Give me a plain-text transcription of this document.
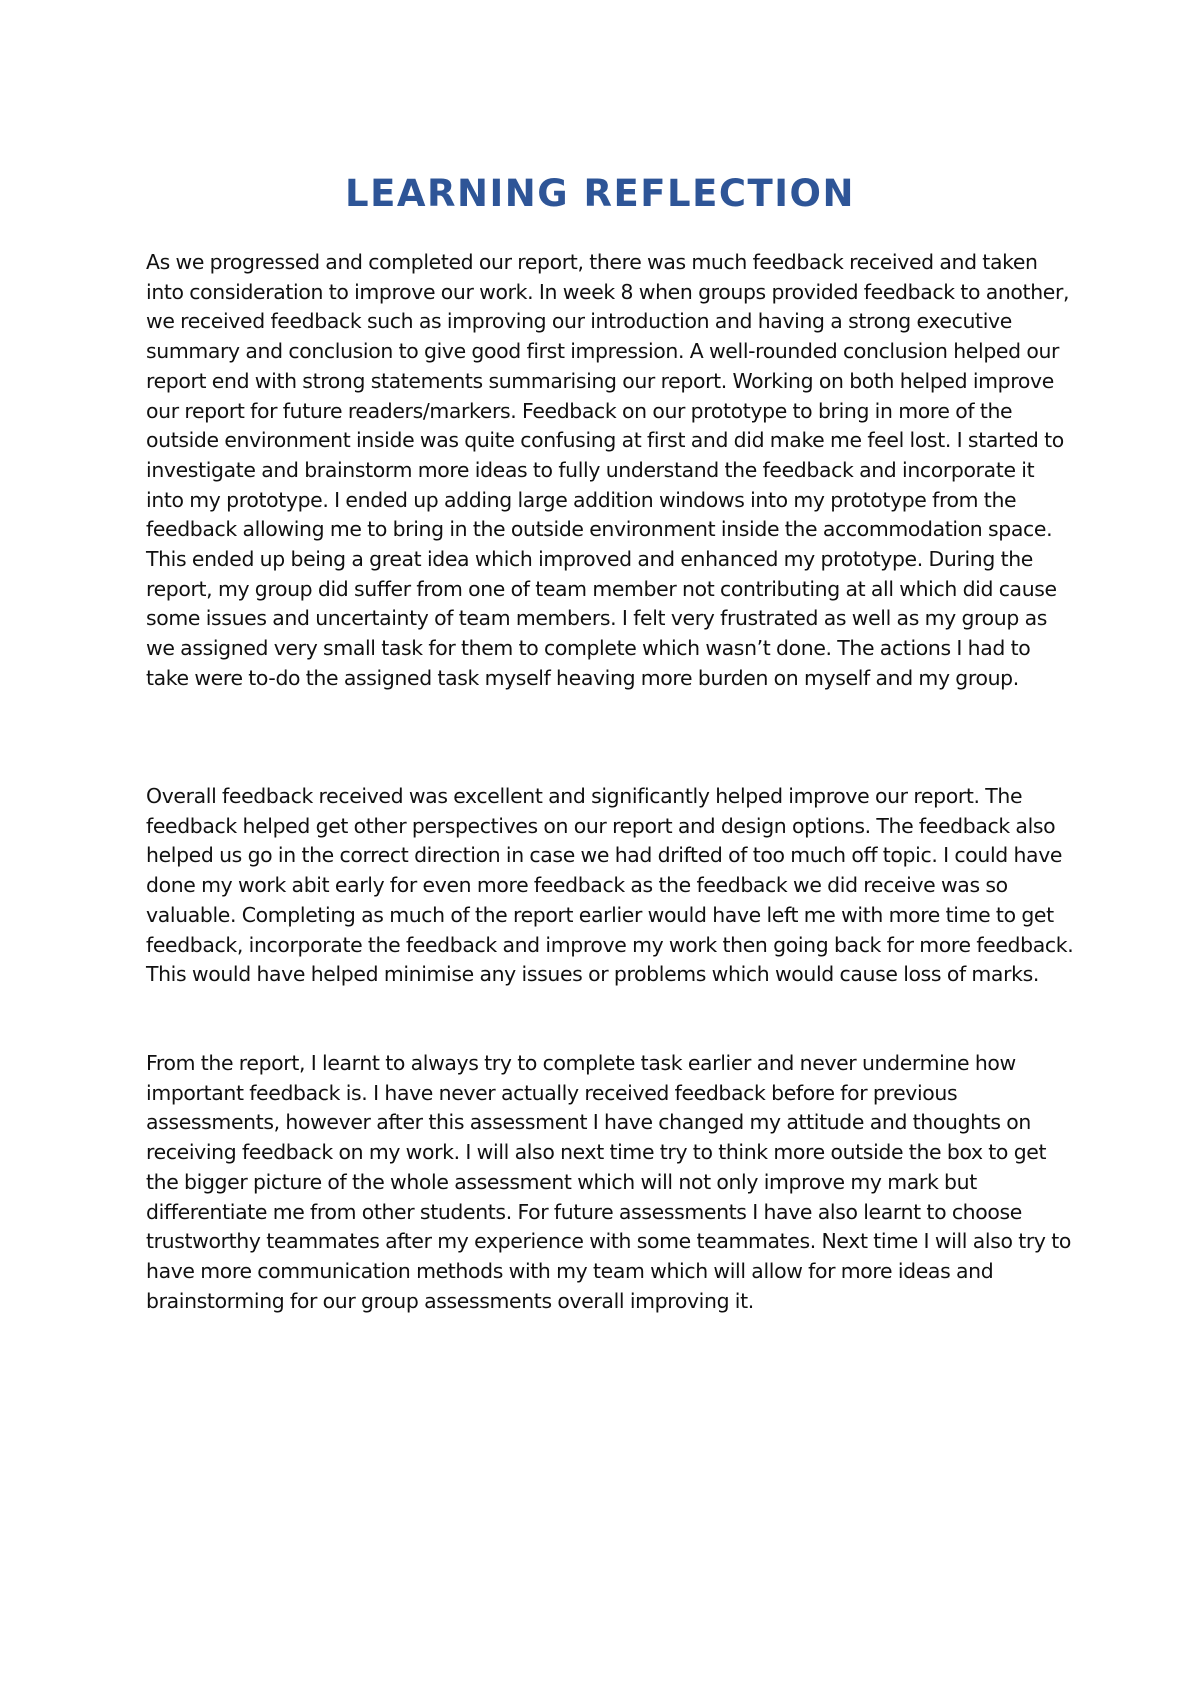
LEARNING REFLECTION

As we progressed and completed our report, there was much feedback received and taken into consideration to improve our work. In week 8 when groups provided feedback to another, we received feedback such as improving our introduction and having a strong executive summary and conclusion to give good first impression. A well-rounded conclusion helped our report end with strong statements summarising our report. Working on both helped improve our report for future readers/markers. Feedback on our prototype to bring in more of the outside environment inside was quite confusing at first and did make me feel lost. I started to investigate and brainstorm more ideas to fully understand the feedback and incorporate it into my prototype. I ended up adding large addition windows into my prototype from the feedback allowing me to bring in the outside environment inside the accommodation space. This ended up being a great idea which improved and enhanced my prototype. During the report, my group did suffer from one of team member not contributing at all which did cause some issues and uncertainty of team members. I felt very frustrated as well as my group as we assigned very small task for them to complete which wasn’t done. The actions I had to take were to-do the assigned task myself heaving more burden on myself and my group.

Overall feedback received was excellent and significantly helped improve our report. The feedback helped get other perspectives on our report and design options. The feedback also helped us go in the correct direction in case we had drifted of too much off topic. I could have done my work abit early for even more feedback as the feedback we did receive was so valuable. Completing as much of the report earlier would have left me with more time to get feedback, incorporate the feedback and improve my work then going back for more feedback. This would have helped minimise any issues or problems which would cause loss of marks.

From the report, I learnt to always try to complete task earlier and never undermine how important feedback is. I have never actually received feedback before for previous assessments, however after this assessment I have changed my attitude and thoughts on receiving feedback on my work. I will also next time try to think more outside the box to get the bigger picture of the whole assessment which will not only improve my mark but differentiate me from other students. For future assessments I have also learnt to choose trustworthy teammates after my experience with some teammates. Next time I will also try to have more communication methods with my team which will allow for more ideas and brainstorming for our group assessments overall improving it.
